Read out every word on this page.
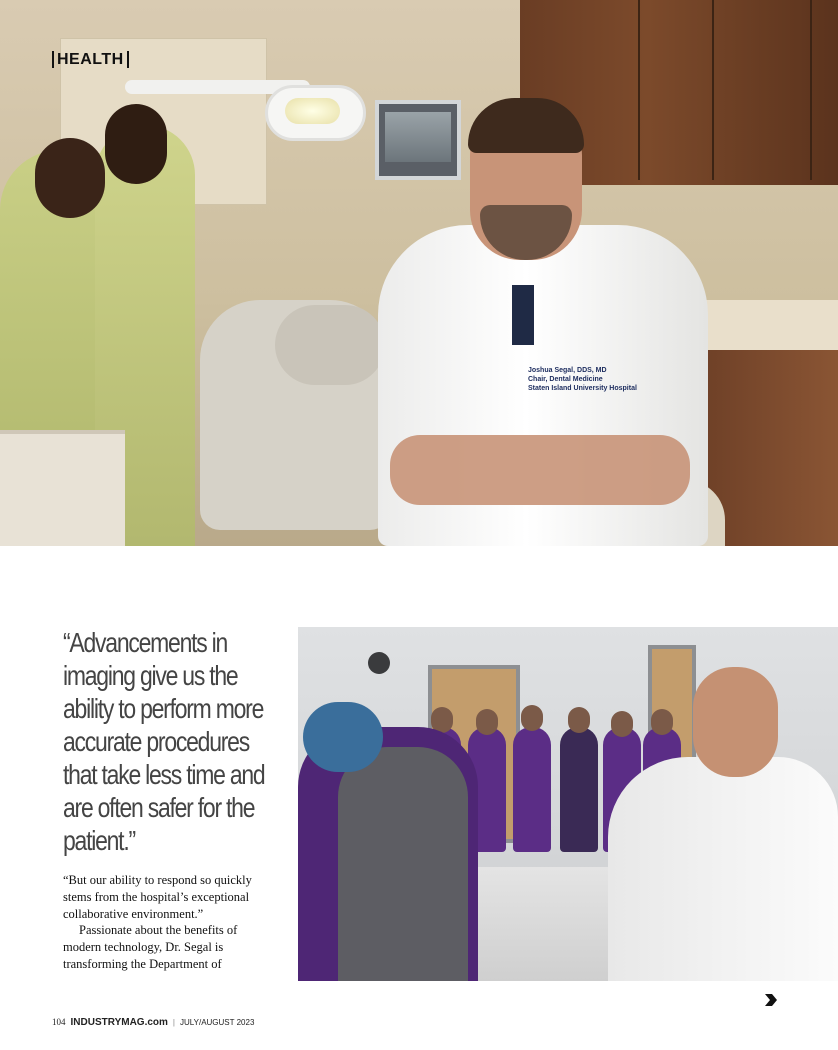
Joshua Segal, DDS, MD
Chair, Dental Medicine
Staten Island University Hospital
HEALTH
“Advancements in imaging give us the ability to perform more accurate procedures that take less time and are often safer for the patient.”

“But our ability to respond so quickly stems from the hospital’s exceptional collaborative environment.”

Passionate about the benefits of modern technology, Dr. Segal is transforming the Department of

104 INDUSTRYMAG.com | JULY/AUGUST 2023
